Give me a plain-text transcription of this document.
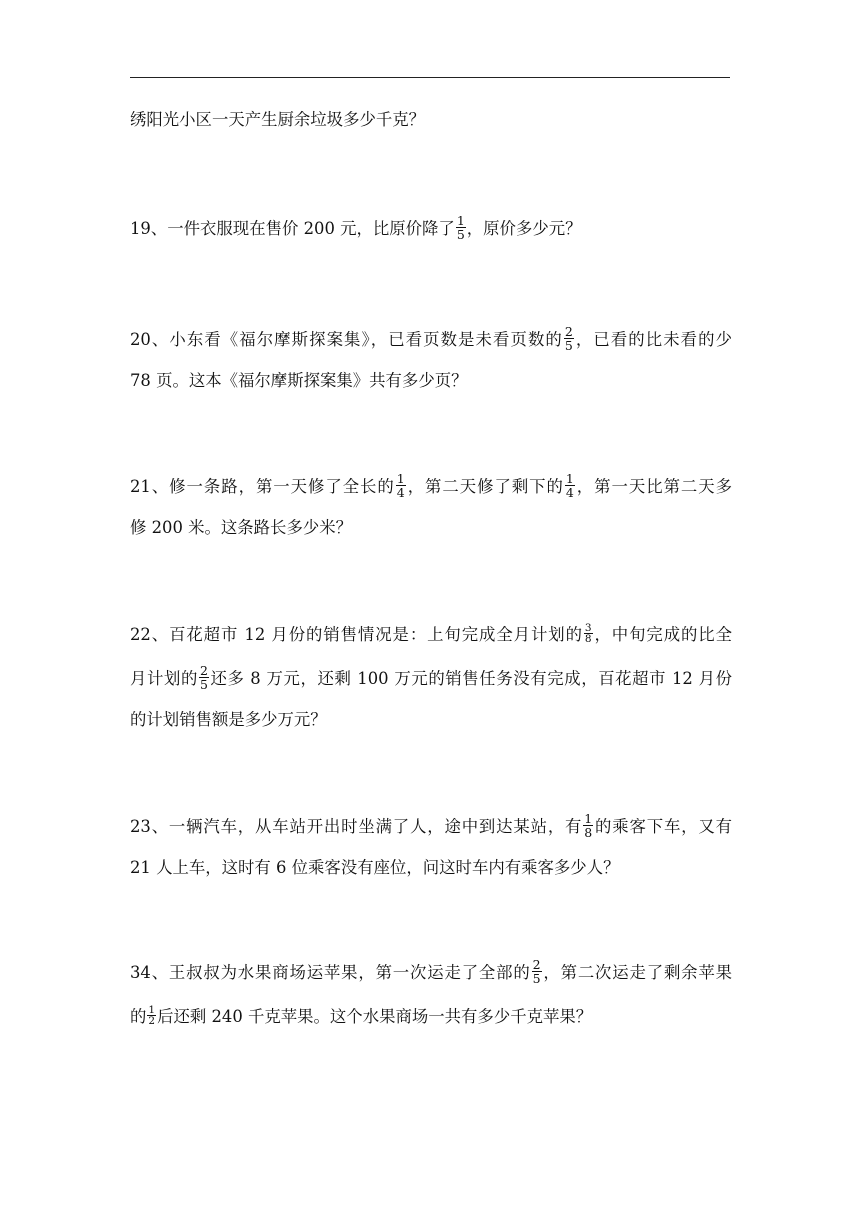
绣阳光小区一天产生厨余垃圾多少千克？
19、一件衣服现在售价 200 元，比原价降了 $\frac{1}{5}$ ，原价多少元？
20、小东看《福尔摩斯探案集》，已看页数是未看页数的 $\frac{2}{5}$ ，已看的比未看的少
78 页。这本《福尔摩斯探案集》共有多少页？
21、修一条路，第一天修了全长的 $\frac{1}{4}$ ，第二天修了剩下的 $\frac{1}{4}$ ，第一天比第二天多
修 200 米。这条路长多少米？
22、百花超市 12 月份的销售情况是：上旬完成全月计划的 $\frac{3}{8}$ ，中旬完成的比全
月计划的 $\frac{2}{5}$ 还多 8 万元，还剩 100 万元的销售任务没有完成，百花超市 12 月份
的计划销售额是多少万元？
23、一辆汽车，从车站开出时坐满了人，途中到达某站，有 $\frac{1}{8}$ 的乘客下车，又有
21 人上车，这时有 6 位乘客没有座位，问这时车内有乘客多少人？
34、王叔叔为水果商场运苹果，第一次运走了全部的 $\frac{2}{5}$ ，第二次运走了剩余苹果
的 $\frac{1}{2}$ 后还剩 240 千克苹果。这个水果商场一共有多少千克苹果？
